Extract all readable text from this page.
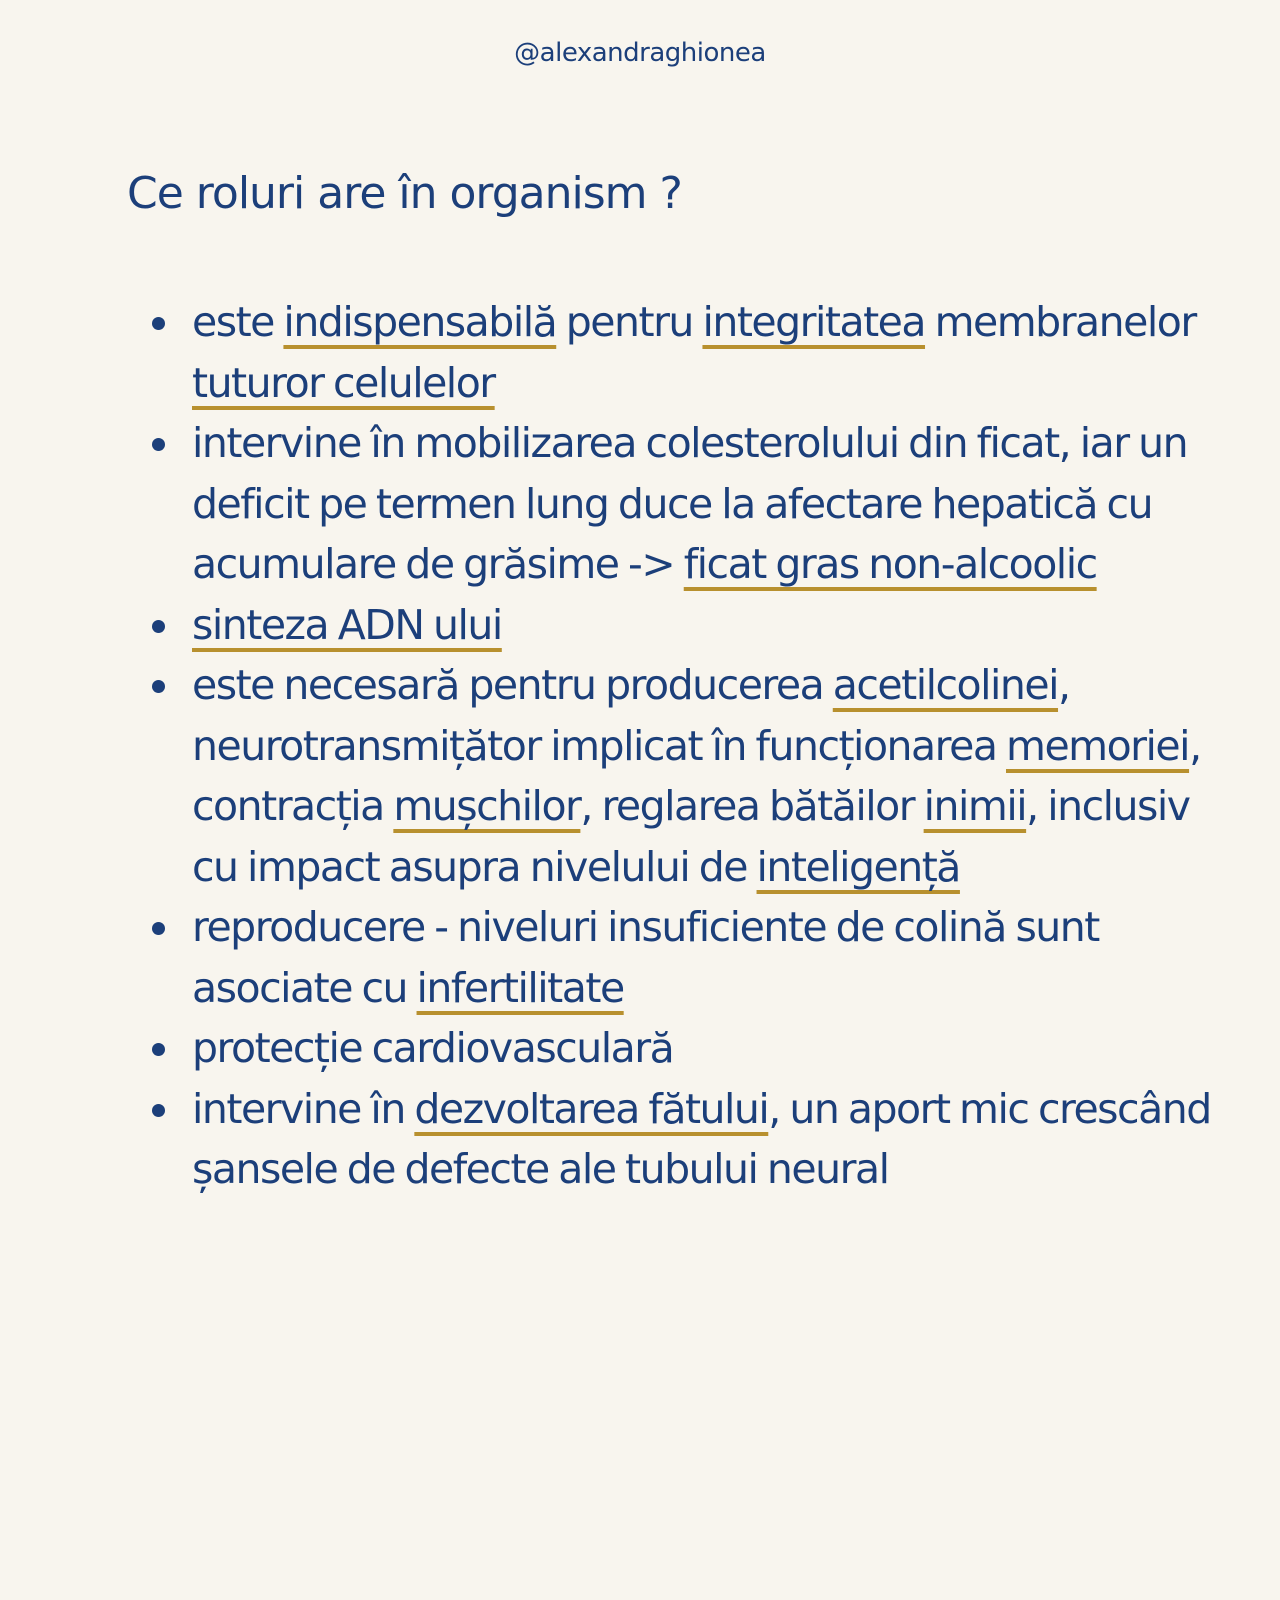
@alexandraghionea
Ce roluri are în organism ?
este indispensabilă pentru integritatea membranelor tuturor celulelor
intervine în mobilizarea colesterolului din ficat, iar un deficit pe termen lung duce la afectare hepatică cu acumulare de grăsime -> ficat gras non-alcoolic
sinteza ADN ului
este necesară pentru producerea acetilcolinei, neurotransmițător implicat în funcționarea memoriei, contracția mușchilor, reglarea bătăilor inimii, inclusiv cu impact asupra nivelului de inteligență
reproducere - niveluri insuficiente de colină sunt asociate cu infertilitate
protecție cardiovasculară
intervine în dezvoltarea fătului, un aport mic crescând șansele de defecte ale tubului neural
